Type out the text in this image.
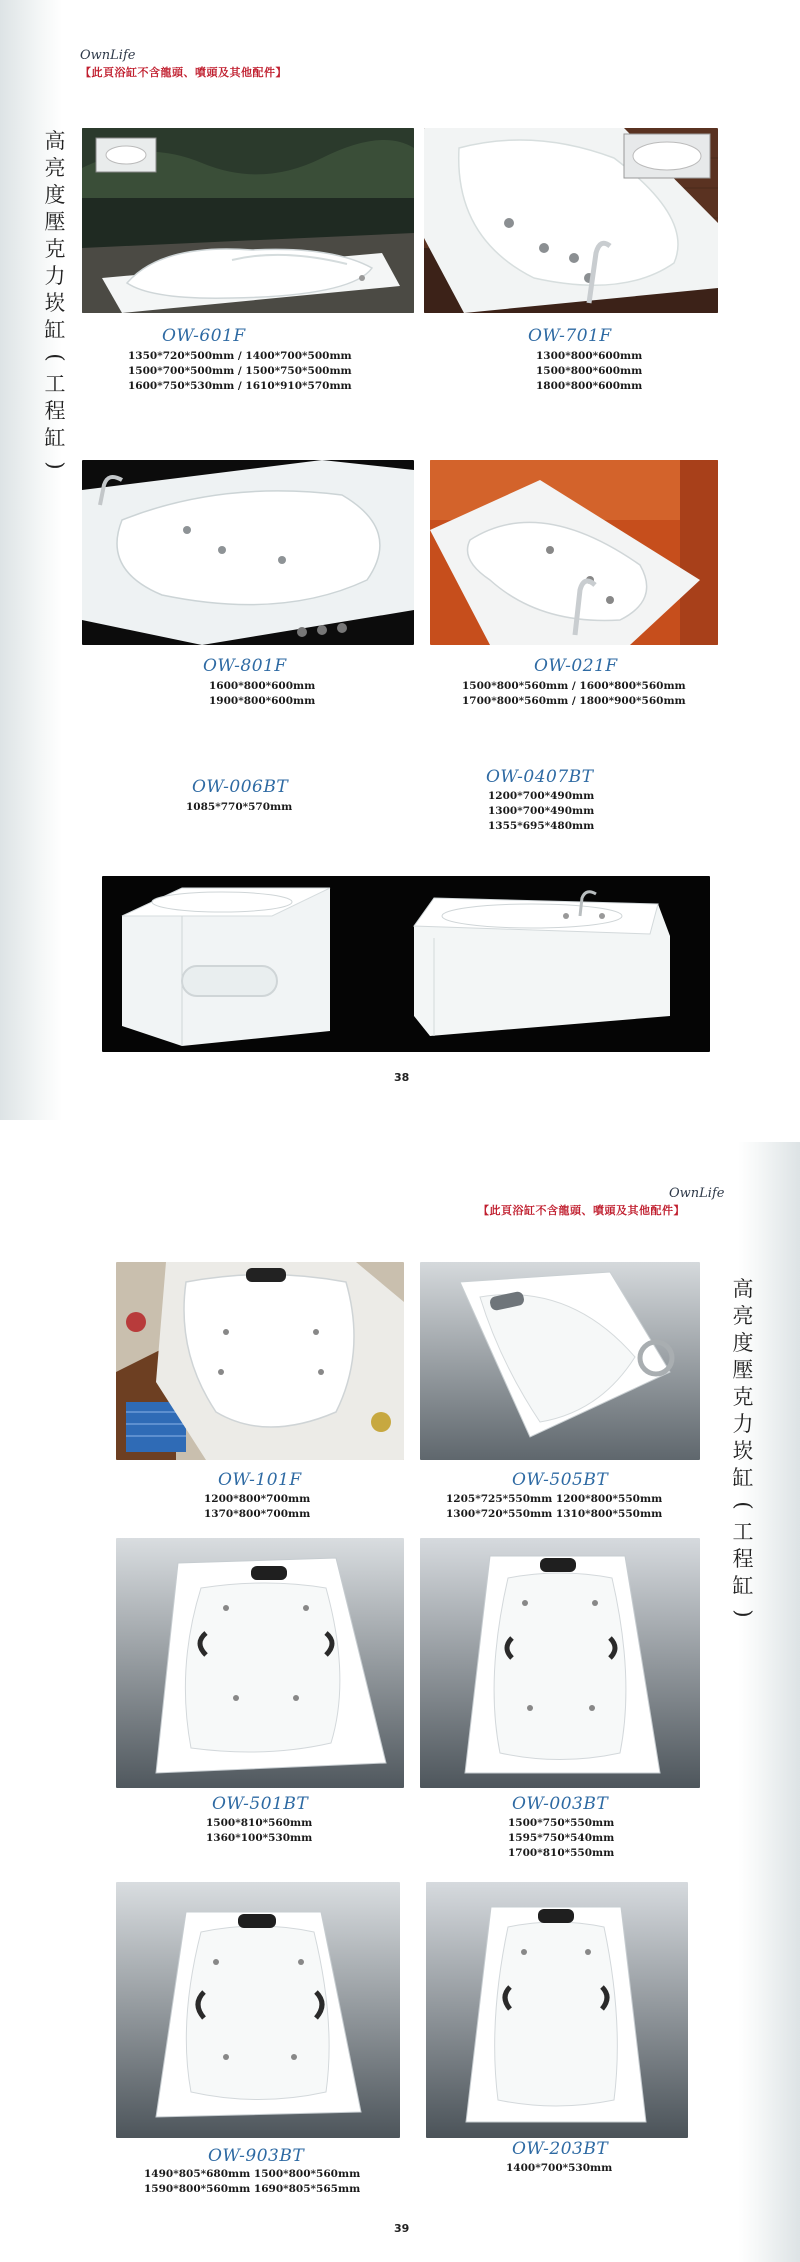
OwnLife
【此頁浴缸不含龍頭、噴頭及其他配件】
高
亮
度
壓
克
力
崁
缸
(
工
程
缸
)
OW-601F
1350*720*500mm / 1400*700*500mm
1500*700*500mm / 1500*750*500mm
1600*750*530mm / 1610*910*570mm
OW-701F
1300*800*600mm
1500*800*600mm
1800*800*600mm
OW-801F
1600*800*600mm
1900*800*600mm
OW-021F
1500*800*560mm / 1600*800*560mm
1700*800*560mm / 1800*900*560mm
OW-006BT
1085*770*570mm
OW-0407BT
1200*700*490mm
1300*700*490mm
1355*695*480mm
38
OwnLife
【此頁浴缸不含龍頭、噴頭及其他配件】
高
亮
度
壓
克
力
崁
缸
(
工
程
缸
)
OW-101F
1200*800*700mm
1370*800*700mm
OW-505BT
1205*725*550mm 1200*800*550mm
1300*720*550mm 1310*800*550mm
OW-501BT
1500*810*560mm
1360*100*530mm
OW-003BT
1500*750*550mm
1595*750*540mm
1700*810*550mm
OW-903BT
1490*805*680mm 1500*800*560mm
1590*800*560mm 1690*805*565mm
OW-203BT
1400*700*530mm
39
